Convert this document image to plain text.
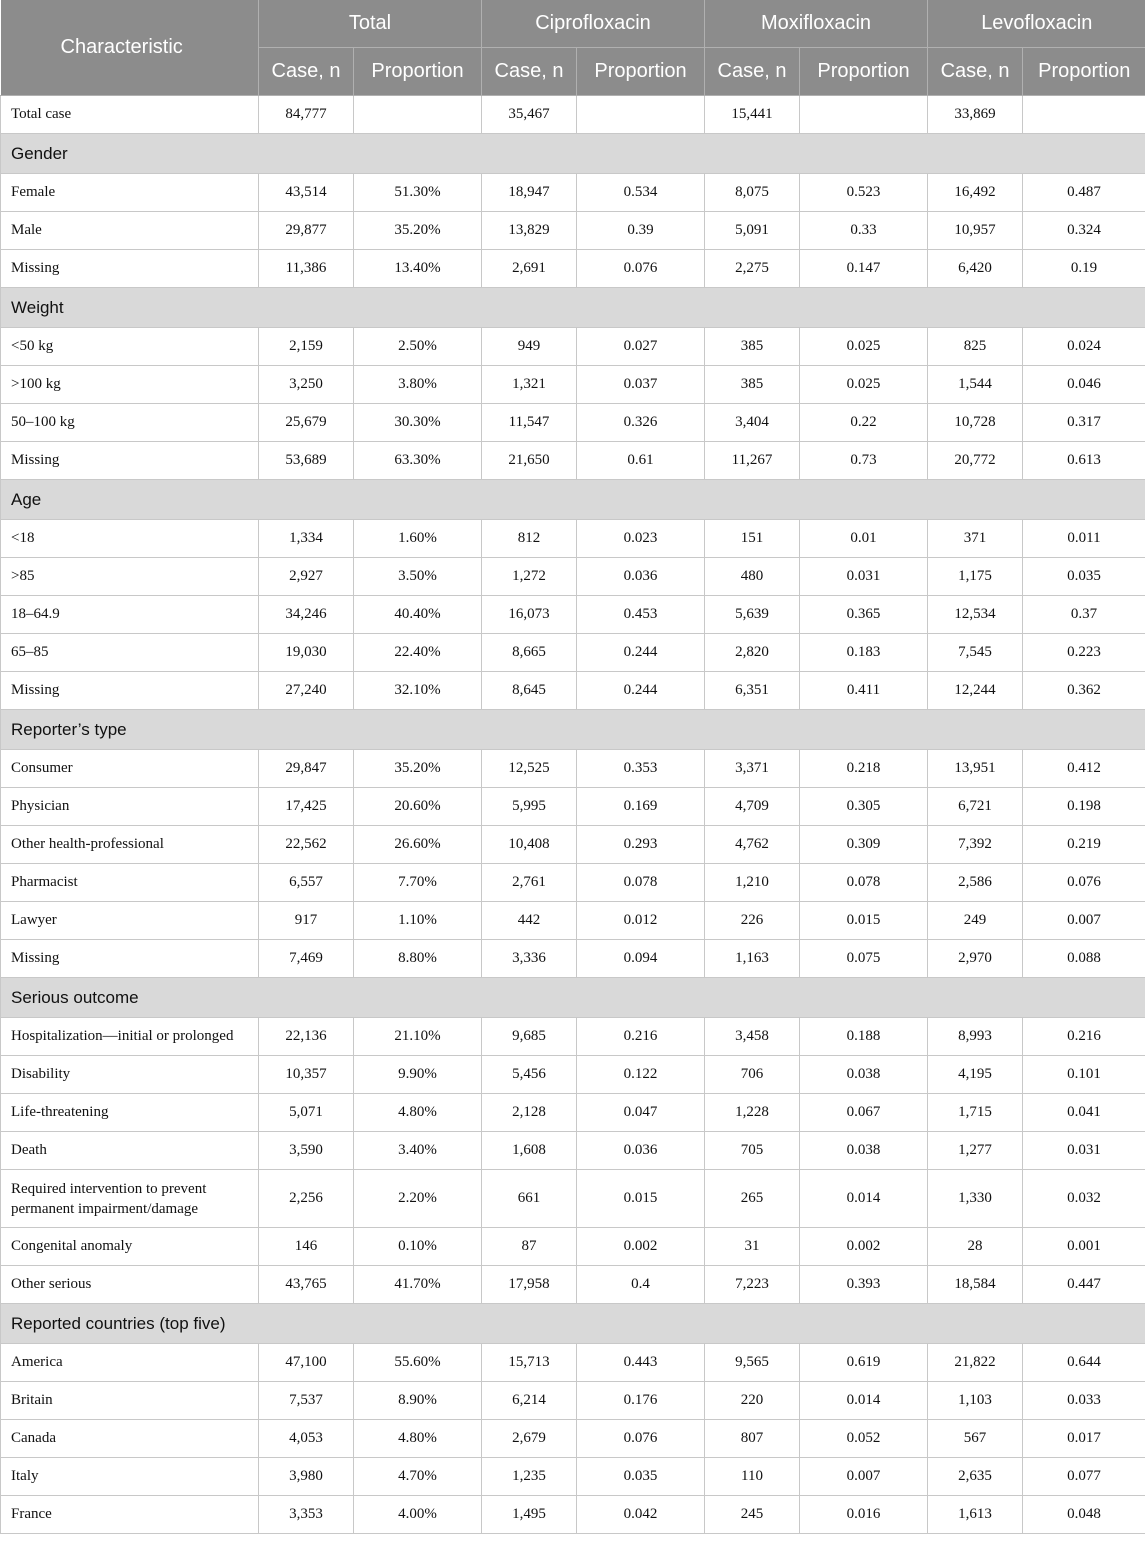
Characteristic	Total		Ciprofloxacin		Moxifloxacin		Levofloxacin	
	Case, n	Proportion	Case, n	Proportion	Case, n	Proportion	Case, n	Proportion
Total case	84,777		35,467		15,441		33,869	
Gender								
Female	43,514	51.30%	18,947	0.534	8,075	0.523	16,492	0.487
Male	29,877	35.20%	13,829	0.39	5,091	0.33	10,957	0.324
Missing	11,386	13.40%	2,691	0.076	2,275	0.147	6,420	0.19
Weight								
<50 kg	2,159	2.50%	949	0.027	385	0.025	825	0.024
>100 kg	3,250	3.80%	1,321	0.037	385	0.025	1,544	0.046
50–100 kg	25,679	30.30%	11,547	0.326	3,404	0.22	10,728	0.317
Missing	53,689	63.30%	21,650	0.61	11,267	0.73	20,772	0.613
Age								
<18	1,334	1.60%	812	0.023	151	0.01	371	0.011
>85	2,927	3.50%	1,272	0.036	480	0.031	1,175	0.035
18–64.9	34,246	40.40%	16,073	0.453	5,639	0.365	12,534	0.37
65–85	19,030	22.40%	8,665	0.244	2,820	0.183	7,545	0.223
Missing	27,240	32.10%	8,645	0.244	6,351	0.411	12,244	0.362
Reporter’s type								
Consumer	29,847	35.20%	12,525	0.353	3,371	0.218	13,951	0.412
Physician	17,425	20.60%	5,995	0.169	4,709	0.305	6,721	0.198
Other health-professional	22,562	26.60%	10,408	0.293	4,762	0.309	7,392	0.219
Pharmacist	6,557	7.70%	2,761	0.078	1,210	0.078	2,586	0.076
Lawyer	917	1.10%	442	0.012	226	0.015	249	0.007
Missing	7,469	8.80%	3,336	0.094	1,163	0.075	2,970	0.088
Serious outcome								
Hospitalization—initial or prolonged	22,136	21.10%	9,685	0.216	3,458	0.188	8,993	0.216
Disability	10,357	9.90%	5,456	0.122	706	0.038	4,195	0.101
Life-threatening	5,071	4.80%	2,128	0.047	1,228	0.067	1,715	0.041
Death	3,590	3.40%	1,608	0.036	705	0.038	1,277	0.031
Required intervention to prevent permanent impairment/damage	2,256	2.20%	661	0.015	265	0.014	1,330	0.032
Congenital anomaly	146	0.10%	87	0.002	31	0.002	28	0.001
Other serious	43,765	41.70%	17,958	0.4	7,223	0.393	18,584	0.447
Reported countries (top five)								
America	47,100	55.60%	15,713	0.443	9,565	0.619	21,822	0.644
Britain	7,537	8.90%	6,214	0.176	220	0.014	1,103	0.033
Canada	4,053	4.80%	2,679	0.076	807	0.052	567	0.017
Italy	3,980	4.70%	1,235	0.035	110	0.007	2,635	0.077
France	3,353	4.00%	1,495	0.042	245	0.016	1,613	0.048
